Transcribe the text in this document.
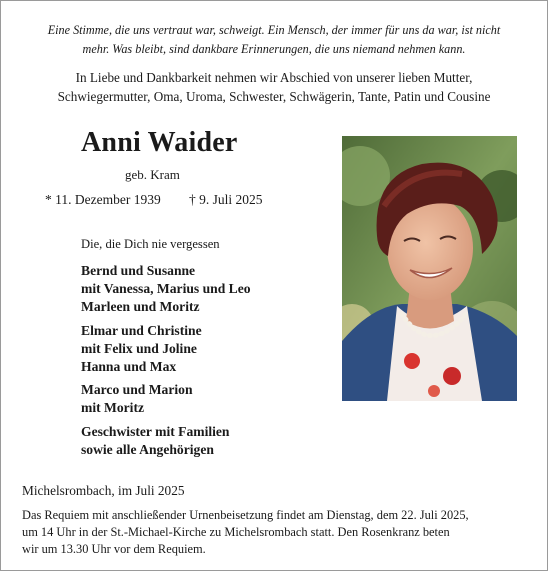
Eine Stimme, die uns vertraut war, schweigt. Ein Mensch, der immer für uns da war, ist nicht
mehr. Was bleibt, sind dankbare Erinnerungen, die uns niemand nehmen kann.
In Liebe und Dankbarkeit nehmen wir Abschied von unserer lieben Mutter,
Schwiegermutter, Oma, Uroma, Schwester, Schwägerin, Tante, Patin und Cousine
Anni Waider
geb. Kram
* 11. Dezember 1939 † 9. Juli 2025
Die, die Dich nie vergessen
Bernd und Susanne
mit Vanessa, Marius und Leo
Marleen und Moritz
Elmar und Christine
mit Felix und Joline
Hanna und Max
Marco und Marion
mit Moritz
Geschwister mit Familien
sowie alle Angehörigen
Michelsrombach, im Juli 2025
Das Requiem mit anschließender Urnenbeisetzung findet am Dienstag, dem 22. Juli 2025,
um 14 Uhr in der St.-Michael-Kirche zu Michelsrombach statt. Den Rosenkranz beten
wir um 13.30 Uhr vor dem Requiem.
